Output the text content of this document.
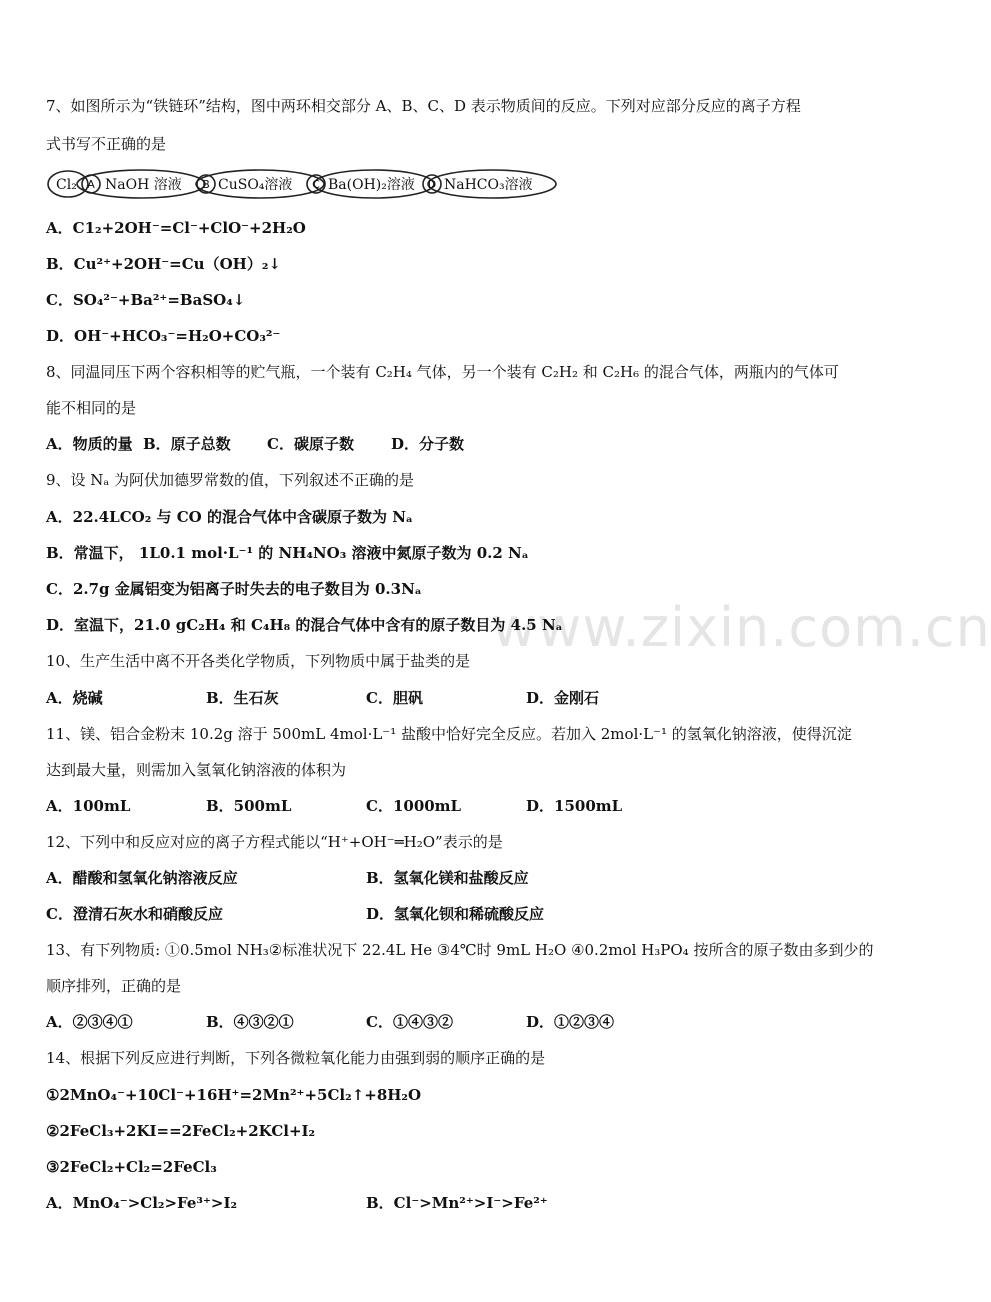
www.zixin.com.cn
7、如图所示为“铁链环”结构，图中两环相交部分 A、B、C、D 表示物质间的反应。下列对应部分反应的离子方程
式书写不正确的是
Cl₂ NaOH 溶液	CuSO₄溶液	Ba(OH)₂溶液 NaHCO₃溶液
A	B	C	D
A．C1₂+2OH⁻=Cl⁻+ClO⁻+2H₂O
B．Cu²⁺+2OH⁻=Cu（OH）₂↓
C．SO₄²⁻+Ba²⁺=BaSO₄↓
D．OH⁻+HCO₃⁻=H₂O+CO₃²⁻
8、同温同压下两个容积相等的贮气瓶，一个装有 C₂H₄ 气体，另一个装有 C₂H₂ 和 C₂H₆ 的混合气体，两瓶内的气体可
能不相同的是
A．物质的量 B．原子总数 C．碳原子数 D．分子数
9、设 Nₐ 为阿伏加德罗常数的值，下列叙述不正确的是
A．22.4LCO₂ 与 CO 的混合气体中含碳原子数为 Nₐ
B．常温下， 1L0.1 mol·L⁻¹ 的 NH₄NO₃ 溶液中氮原子数为 0.2 Nₐ
C．2.7g 金属铝变为铝离子时失去的电子数目为 0.3Nₐ
D．室温下，21.0 gC₂H₄ 和 C₄H₈ 的混合气体中含有的原子数目为 4.5 Nₐ
10、生产生活中离不开各类化学物质，下列物质中属于盐类的是
A．烧碱	B．生石灰	C．胆矾	D．金刚石
11、镁、铝合金粉末 10.2g 溶于 500mL 4mol·L⁻¹ 盐酸中恰好完全反应。若加入 2mol·L⁻¹ 的氢氧化钠溶液，使得沉淀
达到最大量，则需加入氢氧化钠溶液的体积为
A．100mL	B．500mL	C．1000mL	D．1500mL
12、下列中和反应对应的离子方程式能以“H⁺+OH⁻═H₂O”表示的是
A．醋酸和氢氧化钠溶液反应	B．氢氧化镁和盐酸反应
C．澄清石灰水和硝酸反应	D．氢氧化钡和稀硫酸反应
13、有下列物质: ①0.5mol NH₃②标准状况下 22.4L He ③4℃时 9mL H₂O ④0.2mol H₃PO₄ 按所含的原子数由多到少的
顺序排列，正确的是
A．②③④①	B．④③②①	C．①④③②	D．①②③④
14、根据下列反应进行判断，下列各微粒氧化能力由强到弱的顺序正确的是
①2MnO₄⁻+10Cl⁻+16H⁺=2Mn²⁺+5Cl₂↑+8H₂O
②2FeCl₃+2KI==2FeCl₂+2KCl+I₂
③2FeCl₂+Cl₂=2FeCl₃
A．MnO₄⁻>Cl₂>Fe³⁺>I₂	B．Cl⁻>Mn²⁺>I⁻>Fe²⁺
